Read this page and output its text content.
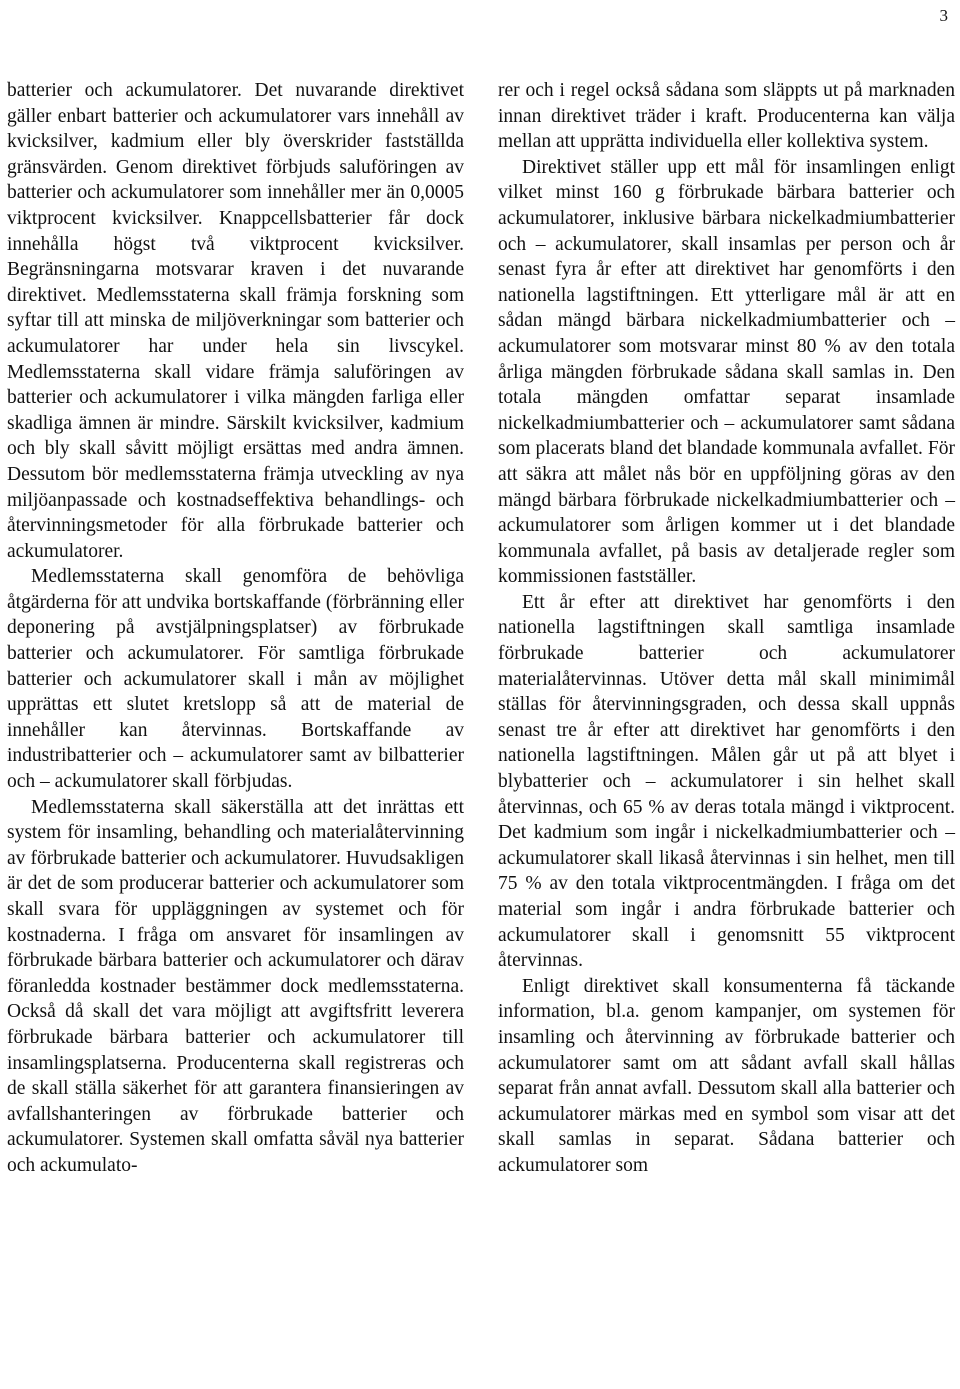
3

batterier och ackumulatorer. Det nuvarande direktivet gäller enbart batterier och ackumulatorer vars innehåll av kvicksilver, kadmium eller bly överskrider fastställda gränsvärden. Genom direktivet förbjuds saluföringen av batterier och ackumulatorer som innehåller mer än 0,0005 viktprocent kvicksilver. Knappcellsbatterier får dock innehålla högst två viktprocent kvicksilver. Begränsningarna motsvarar kraven i det nuvarande direktivet. Medlemsstaterna skall främja forskning som syftar till att minska de miljöverkningar som batterier och ackumulatorer har under hela sin livscykel. Medlemsstaterna skall vidare främja saluföringen av batterier och ackumulatorer i vilka mängden farliga eller skadliga ämnen är mindre. Särskilt kvicksilver, kadmium och bly skall såvitt möjligt ersättas med andra ämnen. Dessutom bör medlemsstaterna främja utveckling av nya miljöanpassade och kostnadseffektiva behandlings- och återvinningsmetoder för alla förbrukade batterier och ackumulatorer.

Medlemsstaterna skall genomföra de behövliga åtgärderna för att undvika bortskaffande (förbränning eller deponering på avstjälpningsplatser) av förbrukade batterier och ackumulatorer. För samtliga förbrukade batterier och ackumulatorer skall i mån av möjlighet upprättas ett slutet kretslopp så att de material de innehåller kan återvinnas. Bortskaffande av industribatterier och – ackumulatorer samt av bilbatterier och – ackumulatorer skall förbjudas.

Medlemsstaterna skall säkerställa att det inrättas ett system för insamling, behandling och materialåtervinning av förbrukade batterier och ackumulatorer. Huvudsakligen är det de som producerar batterier och ackumulatorer som skall svara för uppläggningen av systemet och för kostnaderna. I fråga om ansvaret för insamlingen av förbrukade bärbara batterier och ackumulatorer och därav föranledda kostnader bestämmer dock medlemsstaterna. Också då skall det vara möjligt att avgiftsfritt leverera förbrukade bärbara batterier och ackumulatorer till insamlingsplatserna. Producenterna skall registreras och de skall ställa säkerhet för att garantera finansieringen av avfallshanteringen av förbrukade batterier och ackumulatorer. Systemen skall omfatta såväl nya batterier och ackumulato-

rer och i regel också sådana som släppts ut på marknaden innan direktivet träder i kraft. Producenterna kan välja mellan att upprätta individuella eller kollektiva system.

Direktivet ställer upp ett mål för insamlingen enligt vilket minst 160 g förbrukade bärbara batterier och ackumulatorer, inklusive bärbara nickelkadmiumbatterier och – ackumulatorer, skall insamlas per person och år senast fyra år efter att direktivet har genomförts i den nationella lagstiftningen. Ett ytterligare mål är att en sådan mängd bärbara nickelkadmiumbatterier och – ackumulatorer som motsvarar minst 80 % av den totala årliga mängden förbrukade sådana skall samlas in. Den totala mängden omfattar separat insamlade nickelkadmiumbatterier och – ackumulatorer samt sådana som placerats bland det blandade kommunala avfallet. För att säkra att målet nås bör en uppföljning göras av den mängd bärbara förbrukade nickelkadmiumbatterier och – ackumulatorer som årligen kommer ut i det blandade kommunala avfallet, på basis av detaljerade regler som kommissionen fastställer.

Ett år efter att direktivet har genomförts i den nationella lagstiftningen skall samtliga insamlade förbrukade batterier och ackumulatorer materialåtervinnas. Utöver detta mål skall minimimål ställas för återvinningsgraden, och dessa skall uppnås senast tre år efter att direktivet har genomförts i den nationella lagstiftningen. Målen går ut på att blyet i blybatterier och – ackumulatorer i sin helhet skall återvinnas, och 65 % av deras totala mängd i viktprocent. Det kadmium som ingår i nickelkadmiumbatterier och – ackumulatorer skall likaså återvinnas i sin helhet, men till 75 % av den totala viktprocentmängden. I fråga om det material som ingår i andra förbrukade batterier och ackumulatorer skall i genomsnitt 55 viktprocent återvinnas.

Enligt direktivet skall konsumenterna få täckande information, bl.a. genom kampanjer, om systemen för insamling och återvinning av förbrukade batterier och ackumulatorer samt om att sådant avfall skall hållas separat från annat avfall. Dessutom skall alla batterier och ackumulatorer märkas med en symbol som visar att det skall samlas in separat. Sådana batterier och ackumulatorer som
